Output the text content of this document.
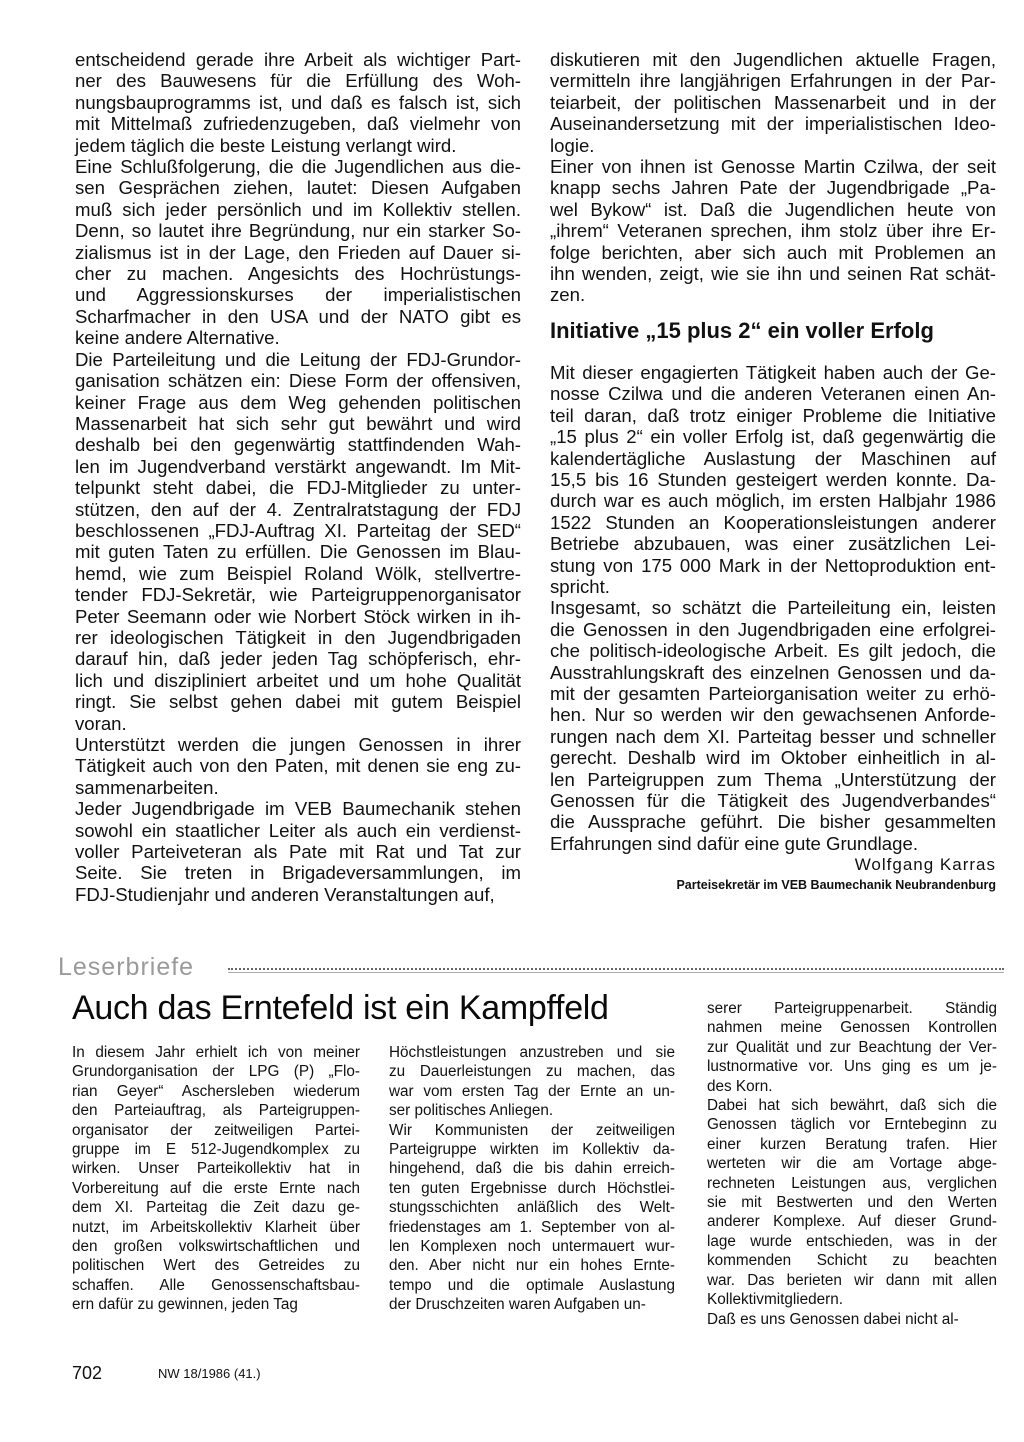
entscheidend gerade ihre Arbeit als wichtiger Part-
ner des Bauwesens für die Erfüllung des Woh-
nungsbauprogramms ist, und daß es falsch ist, sich
mit Mittelmaß zufriedenzugeben, daß vielmehr von
jedem täglich die beste Leistung verlangt wird.

Eine Schlußfolgerung, die die Jugendlichen aus die-
sen Gesprächen ziehen, lautet: Diesen Aufgaben
muß sich jeder persönlich und im Kollektiv stellen.
Denn, so lautet ihre Begründung, nur ein starker So-
zialismus ist in der Lage, den Frieden auf Dauer si-
cher zu machen. Angesichts des Hochrüstungs-
und Aggressionskurses der imperialistischen
Scharfmacher in den USA und der NATO gibt es
keine andere Alternative.

Die Parteileitung und die Leitung der FDJ-Grundor-
ganisation schätzen ein: Diese Form der offensiven,
keiner Frage aus dem Weg gehenden politischen
Massenarbeit hat sich sehr gut bewährt und wird
deshalb bei den gegenwärtig stattfindenden Wah-
len im Jugendverband verstärkt angewandt. Im Mit-
telpunkt steht dabei, die FDJ-Mitglieder zu unter-
stützen, den auf der 4. Zentralratstagung der FDJ
beschlossenen „FDJ-Auftrag XI. Parteitag der SED“
mit guten Taten zu erfüllen. Die Genossen im Blau-
hemd, wie zum Beispiel Roland Wölk, stellvertre-
tender FDJ-Sekretär, wie Parteigruppenorganisator
Peter Seemann oder wie Norbert Stöck wirken in ih-
rer ideologischen Tätigkeit in den Jugendbrigaden
darauf hin, daß jeder jeden Tag schöpferisch, ehr-
lich und diszipliniert arbeitet und um hohe Qualität
ringt. Sie selbst gehen dabei mit gutem Beispiel
voran.

Unterstützt werden die jungen Genossen in ihrer
Tätigkeit auch von den Paten, mit denen sie eng zu-
sammenarbeiten.

Jeder Jugendbrigade im VEB Baumechanik stehen
sowohl ein staatlicher Leiter als auch ein verdienst-
voller Parteiveteran als Pate mit Rat und Tat zur
Seite. Sie treten in Brigadeversammlungen, im
FDJ-Studienjahr und anderen Veranstaltungen auf,

diskutieren mit den Jugendlichen aktuelle Fragen,
vermitteln ihre langjährigen Erfahrungen in der Par-
teiarbeit, der politischen Massenarbeit und in der
Auseinandersetzung mit der imperialistischen Ideo-
logie.

Einer von ihnen ist Genosse Martin Czilwa, der seit
knapp sechs Jahren Pate der Jugendbrigade „Pa-
wel Bykow“ ist. Daß die Jugendlichen heute von
„ihrem“ Veteranen sprechen, ihm stolz über ihre Er-
folge berichten, aber sich auch mit Problemen an
ihn wenden, zeigt, wie sie ihn und seinen Rat schät-
zen.

Initiative „15 plus 2“ ein voller Erfolg

Mit dieser engagierten Tätigkeit haben auch der Ge-
nosse Czilwa und die anderen Veteranen einen An-
teil daran, daß trotz einiger Probleme die Initiative
„15 plus 2“ ein voller Erfolg ist, daß gegenwärtig die
kalendertägliche Auslastung der Maschinen auf
15,5 bis 16 Stunden gesteigert werden konnte. Da-
durch war es auch möglich, im ersten Halbjahr 1986
1522 Stunden an Kooperationsleistungen anderer
Betriebe abzubauen, was einer zusätzlichen Lei-
stung von 175 000 Mark in der Nettoproduktion ent-
spricht.

Insgesamt, so schätzt die Parteileitung ein, leisten
die Genossen in den Jugendbrigaden eine erfolgrei-
che politisch-ideologische Arbeit. Es gilt jedoch, die
Ausstrahlungskraft des einzelnen Genossen und da-
mit der gesamten Parteiorganisation weiter zu erhö-
hen. Nur so werden wir den gewachsenen Anforde-
rungen nach dem XI. Parteitag besser und schneller
gerecht. Deshalb wird im Oktober einheitlich in al-
len Parteigruppen zum Thema „Unterstützung der
Genossen für die Tätigkeit des Jugendverbandes“
die Aussprache geführt. Die bisher gesammelten
Erfahrungen sind dafür eine gute Grundlage.

Wolfgang Karras
Parteisekretär im VEB Baumechanik Neubrandenburg
Leserbriefe
Auch das Erntefeld ist ein Kampffeld

In diesem Jahr erhielt ich von meiner
Grundorganisation der LPG (P) „Flo-
rian Geyer“ Aschersleben wiederum
den Parteiauftrag, als Parteigruppen-
organisator der zeitweiligen Partei-
gruppe im E 512-Jugendkomplex zu
wirken. Unser Parteikollektiv hat in
Vorbereitung auf die erste Ernte nach
dem XI. Parteitag die Zeit dazu ge-
nutzt, im Arbeitskollektiv Klarheit über
den großen volkswirtschaftlichen und
politischen Wert des Getreides zu
schaffen. Alle Genossenschaftsbau-
ern dafür zu gewinnen, jeden Tag

Höchstleistungen anzustreben und sie
zu Dauerleistungen zu machen, das
war vom ersten Tag der Ernte an un-
ser politisches Anliegen.

Wir Kommunisten der zeitweiligen
Parteigruppe wirkten im Kollektiv da-
hingehend, daß die bis dahin erreich-
ten guten Ergebnisse durch Höchstlei-
stungsschichten anläßlich des Welt-
friedenstages am 1. September von al-
len Komplexen noch untermauert wur-
den. Aber nicht nur ein hohes Ernte-
tempo und die optimale Auslastung
der Druschzeiten waren Aufgaben un-

serer Parteigruppenarbeit. Ständig
nahmen meine Genossen Kontrollen
zur Qualität und zur Beachtung der Ver-
lustnormative vor. Uns ging es um je-
des Korn.

Dabei hat sich bewährt, daß sich die
Genossen täglich vor Erntebeginn zu
einer kurzen Beratung trafen. Hier
werteten wir die am Vortage abge-
rechneten Leistungen aus, verglichen
sie mit Bestwerten und den Werten
anderer Komplexe. Auf dieser Grund-
lage wurde entschieden, was in der
kommenden Schicht zu beachten
war. Das berieten wir dann mit allen
Kollektivmitgliedern.

Daß es uns Genossen dabei nicht al-

702	NW 18/1986 (41.)
